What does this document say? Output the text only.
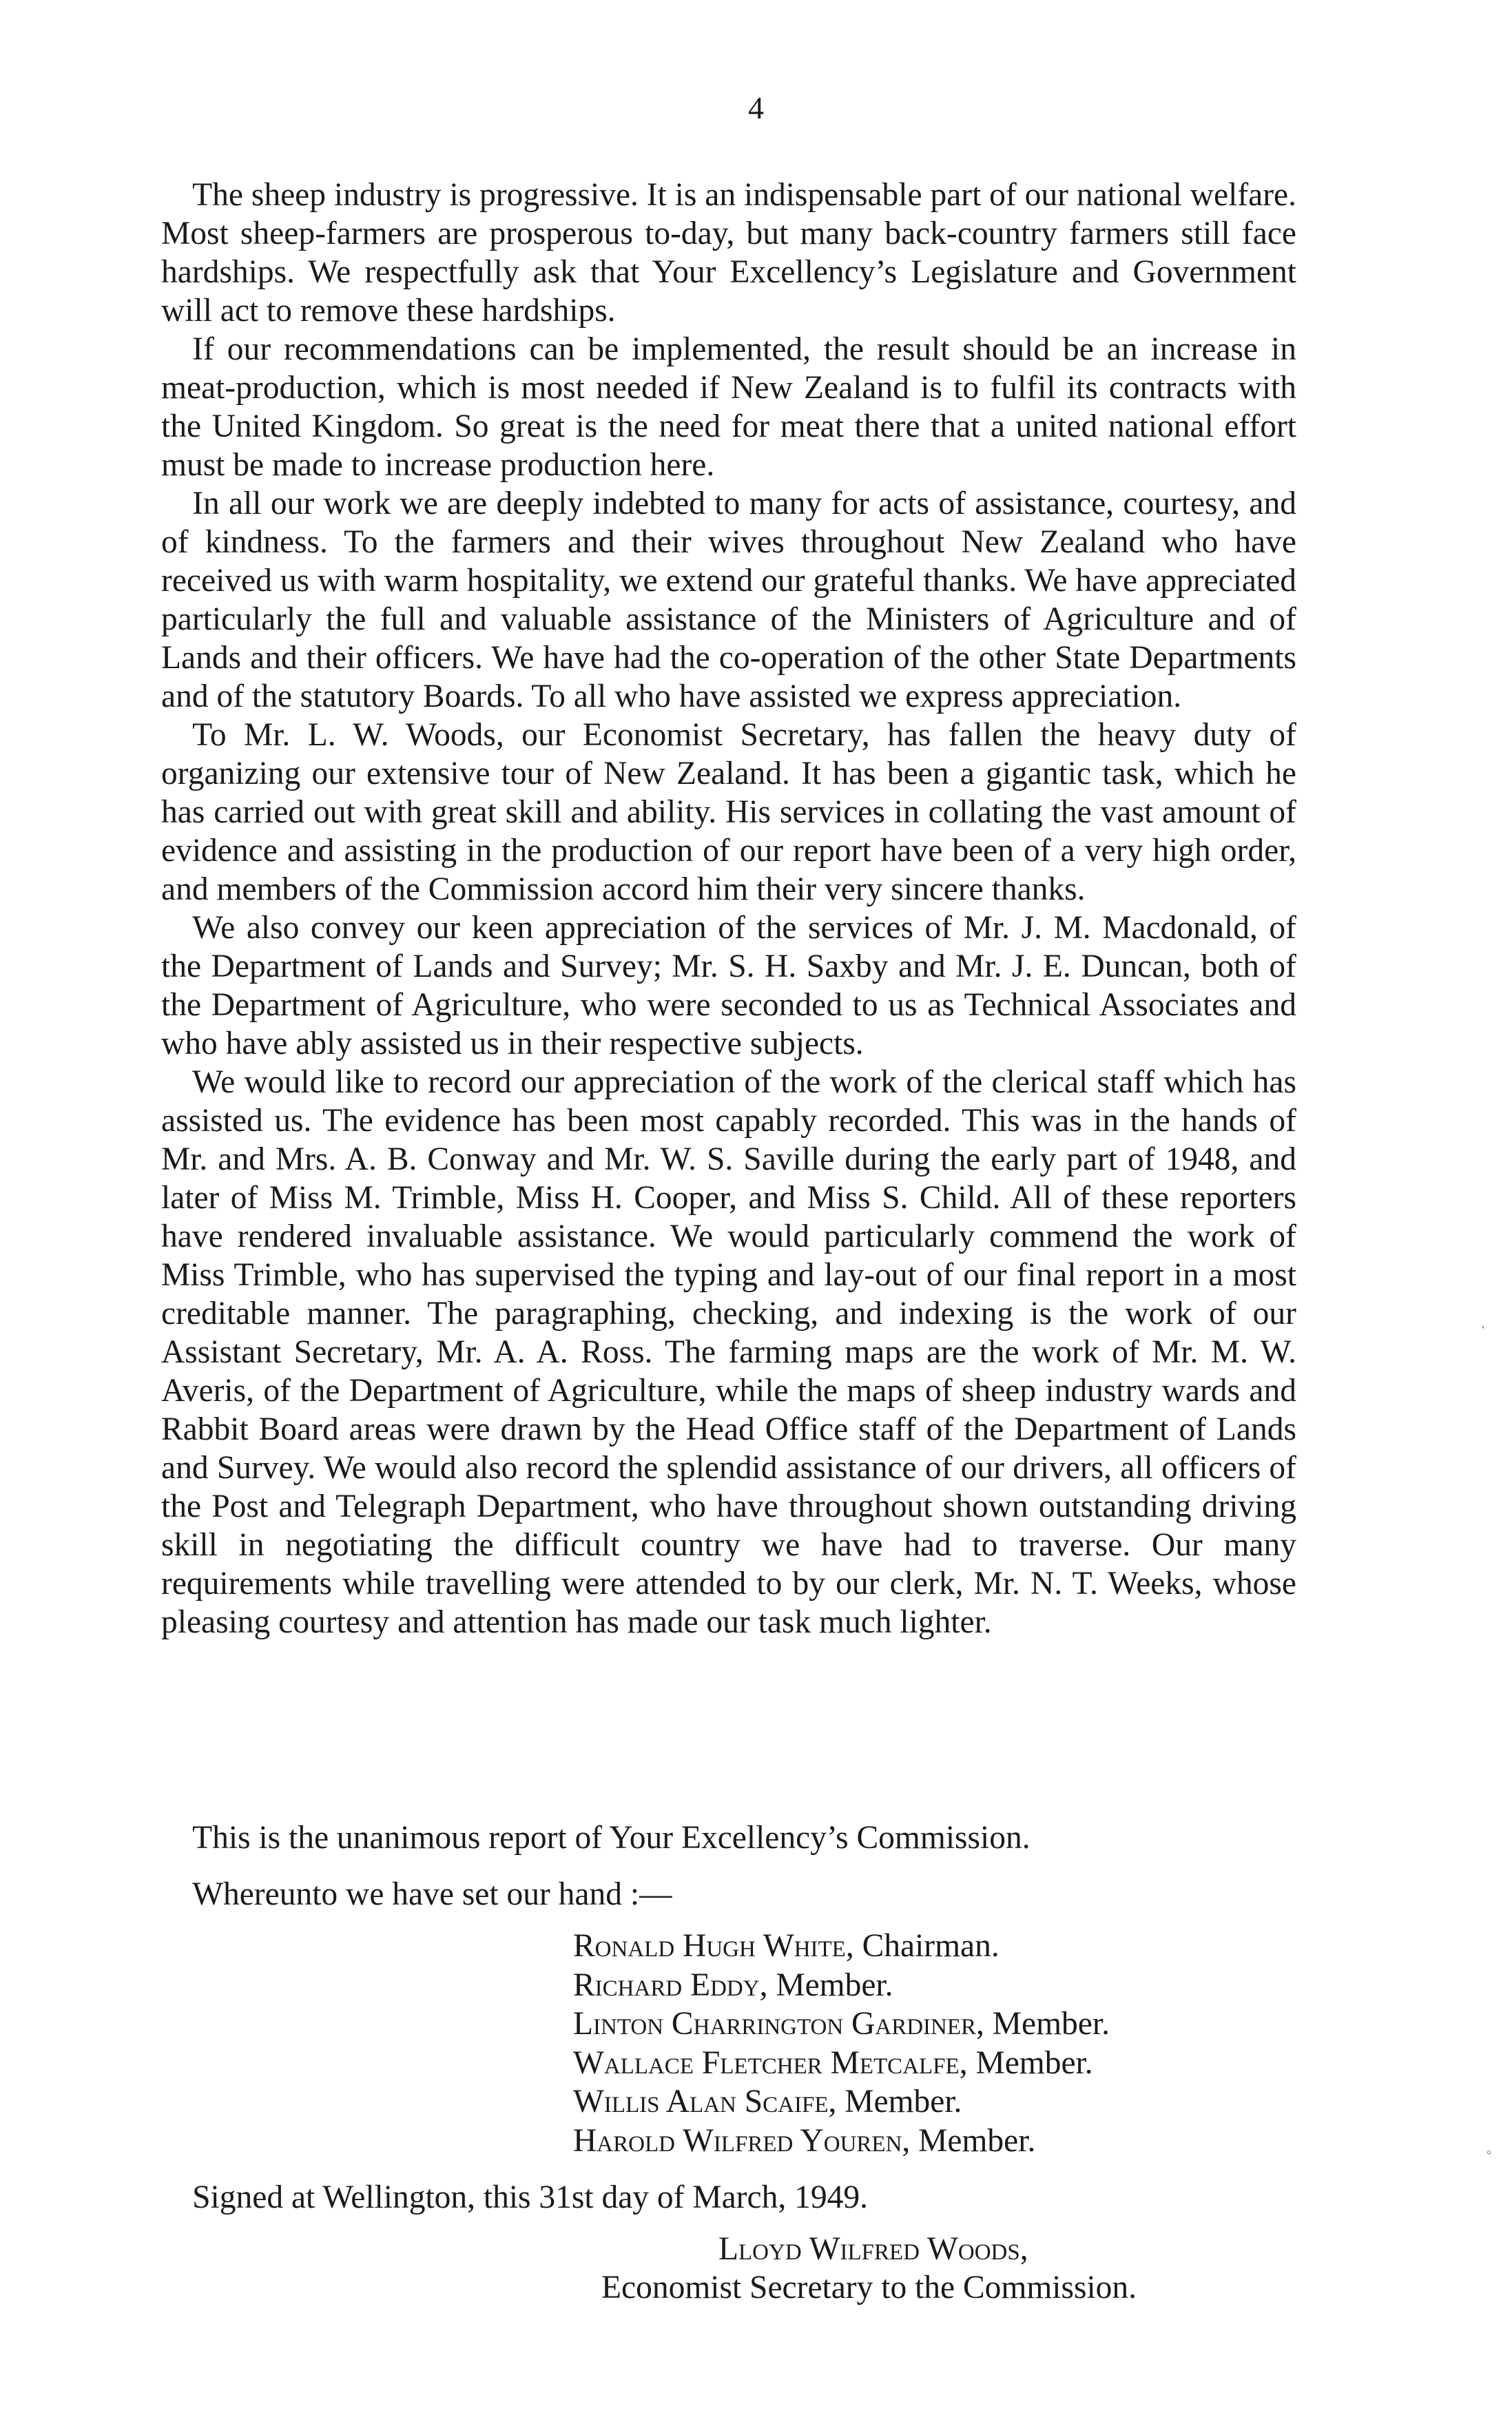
4

The sheep industry is progressive. It is an indispensable part of our national welfare. Most sheep-farmers are prosperous to-day, but many back-country farmers still face hardships. We respectfully ask that Your Excellency’s Legislature and Government will act to remove these hardships.

If our recommendations can be implemented, the result should be an increase in meat-production, which is most needed if New Zealand is to fulfil its contracts with the United Kingdom. So great is the need for meat there that a united national effort must be made to increase production here.

In all our work we are deeply indebted to many for acts of assistance, courtesy, and of kindness. To the farmers and their wives throughout New Zealand who have received us with warm hospitality, we extend our grateful thanks. We have appreciated particularly the full and valuable assistance of the Ministers of Agriculture and of Lands and their officers. We have had the co-operation of the other State Departments and of the statutory Boards. To all who have assisted we express appreciation.

To Mr. L. W. Woods, our Economist Secretary, has fallen the heavy duty of organizing our extensive tour of New Zealand. It has been a gigantic task, which he has carried out with great skill and ability. His services in collating the vast amount of evidence and assisting in the production of our report have been of a very high order, and members of the Commission accord him their very sincere thanks.

We also convey our keen appreciation of the services of Mr. J. M. Macdonald, of the Department of Lands and Survey; Mr. S. H. Saxby and Mr. J. E. Duncan, both of the Department of Agriculture, who were seconded to us as Technical Associates and who have ably assisted us in their respective subjects.

We would like to record our appreciation of the work of the clerical staff which has assisted us. The evidence has been most capably recorded. This was in the hands of Mr. and Mrs. A. B. Conway and Mr. W. S. Saville during the early part of 1948, and later of Miss M. Trimble, Miss H. Cooper, and Miss S. Child. All of these reporters have rendered invaluable assistance. We would particularly commend the work of Miss Trimble, who has supervised the typing and lay-out of our final report in a most creditable manner. The paragraphing, checking, and indexing is the work of our Assistant Secretary, Mr. A. A. Ross. The farming maps are the work of Mr. M. W. Averis, of the Department of Agriculture, while the maps of sheep industry wards and Rabbit Board areas were drawn by the Head Office staff of the Department of Lands and Survey. We would also record the splendid assistance of our drivers, all officers of the Post and Telegraph Department, who have throughout shown outstanding driving skill in negotiating the difficult country we have had to traverse. Our many requirements while travelling were attended to by our clerk, Mr. N. T. Weeks, whose pleasing courtesy and attention has made our task much lighter.

This is the unanimous report of Your Excellency’s Commission.
Whereunto we have set our hand :—
Ronald Hugh White, Chairman.
Richard Eddy, Member.
Linton Charrington Gardiner, Member.
Wallace Fletcher Metcalfe, Member.
Willis Alan Scaife, Member.
Harold Wilfred Youren, Member.
Signed at Wellington, this 31st day of March, 1949.
Lloyd Wilfred Woods,
Economist Secretary to the Commission.
‘
°
